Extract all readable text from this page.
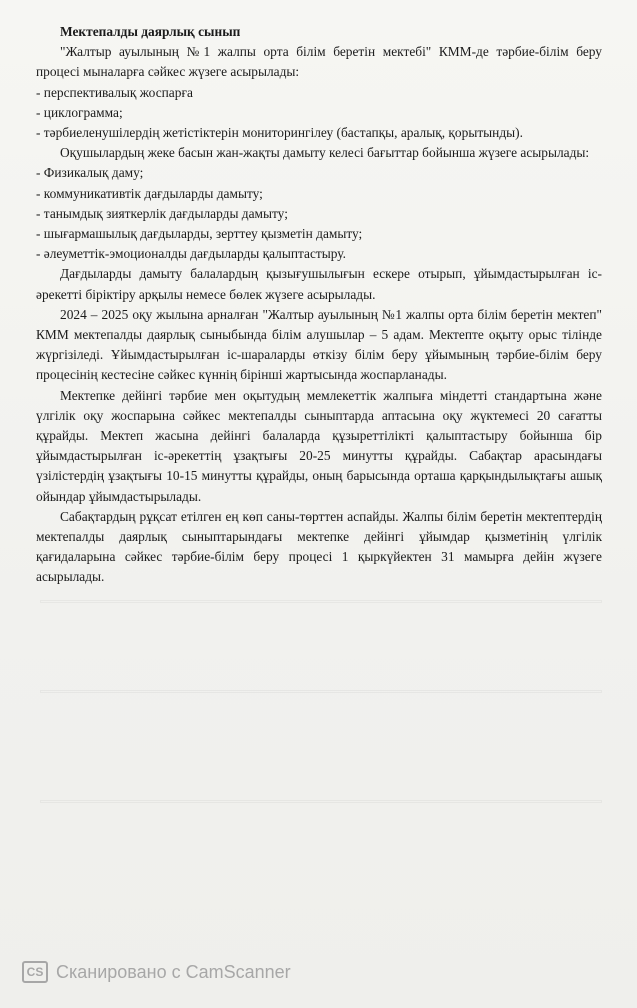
Мектепалды даярлық сынып

"Жалтыр ауылының №1 жалпы орта білім беретін мектебі" КММ-де тәрбие-білім беру процесі мыналарға сәйкес жүзеге асырылады:

- перспективалық жоспарға

- циклограмма;

- тәрбиеленушілердің жетістіктерін мониторингілеу (бастапқы, аралық, қорытынды).

Оқушылардың жеке басын жан-жақты дамыту келесі бағыттар бойынша жүзеге асырылады:

- Физикалық даму;

- коммуникативтік дағдыларды дамыту;

- танымдық зияткерлік дағдыларды дамыту;

- шығармашылық дағдыларды, зерттеу қызметін дамыту;

- әлеуметтік-эмоционалды дағдыларды қалыптастыру.

Дағдыларды дамыту балалардың қызығушылығын ескере отырып, ұйымдастырылған іс-әрекетті біріктіру арқылы немесе бөлек жүзеге асырылады.

2024 – 2025 оқу жылына арналған "Жалтыр ауылының №1 жалпы орта білім беретін мектеп" КММ мектепалды даярлық сыныбында білім алушылар – 5 адам. Мектепте оқыту орыс тілінде жүргізіледі. Ұйымдастырылған іс-шараларды өткізу білім беру ұйымының тәрбие-білім беру процесінің кестесіне сәйкес күннің бірінші жартысында жоспарланады.

Мектепке дейінгі тәрбие мен оқытудың мемлекеттік жалпыға міндетті стандартына және үлгілік оқу жоспарына сәйкес мектепалды сыныптарда аптасына оқу жүктемесі 20 сағатты құрайды. Мектеп жасына дейінгі балаларда құзыреттілікті қалыптастыру бойынша бір ұйымдастырылған іс-әрекеттің ұзақтығы 20-25 минутты құрайды. Сабақтар арасындағы үзілістердің ұзақтығы 10-15 минутты құрайды, оның барысында орташа қарқындылықтағы ашық ойындар ұйымдастырылады.

Сабақтардың рұқсат етілген ең көп саны-төрттен аспайды. Жалпы білім беретін мектептердің мектепалды даярлық сыныптарындағы мектепке дейінгі ұйымдар қызметінің үлгілік қағидаларына сәйкес тәрбие-білім беру процесі 1 қыркүйектен 31 мамырға дейін жүзеге асырылады.

CS Сканировано с CamScanner
